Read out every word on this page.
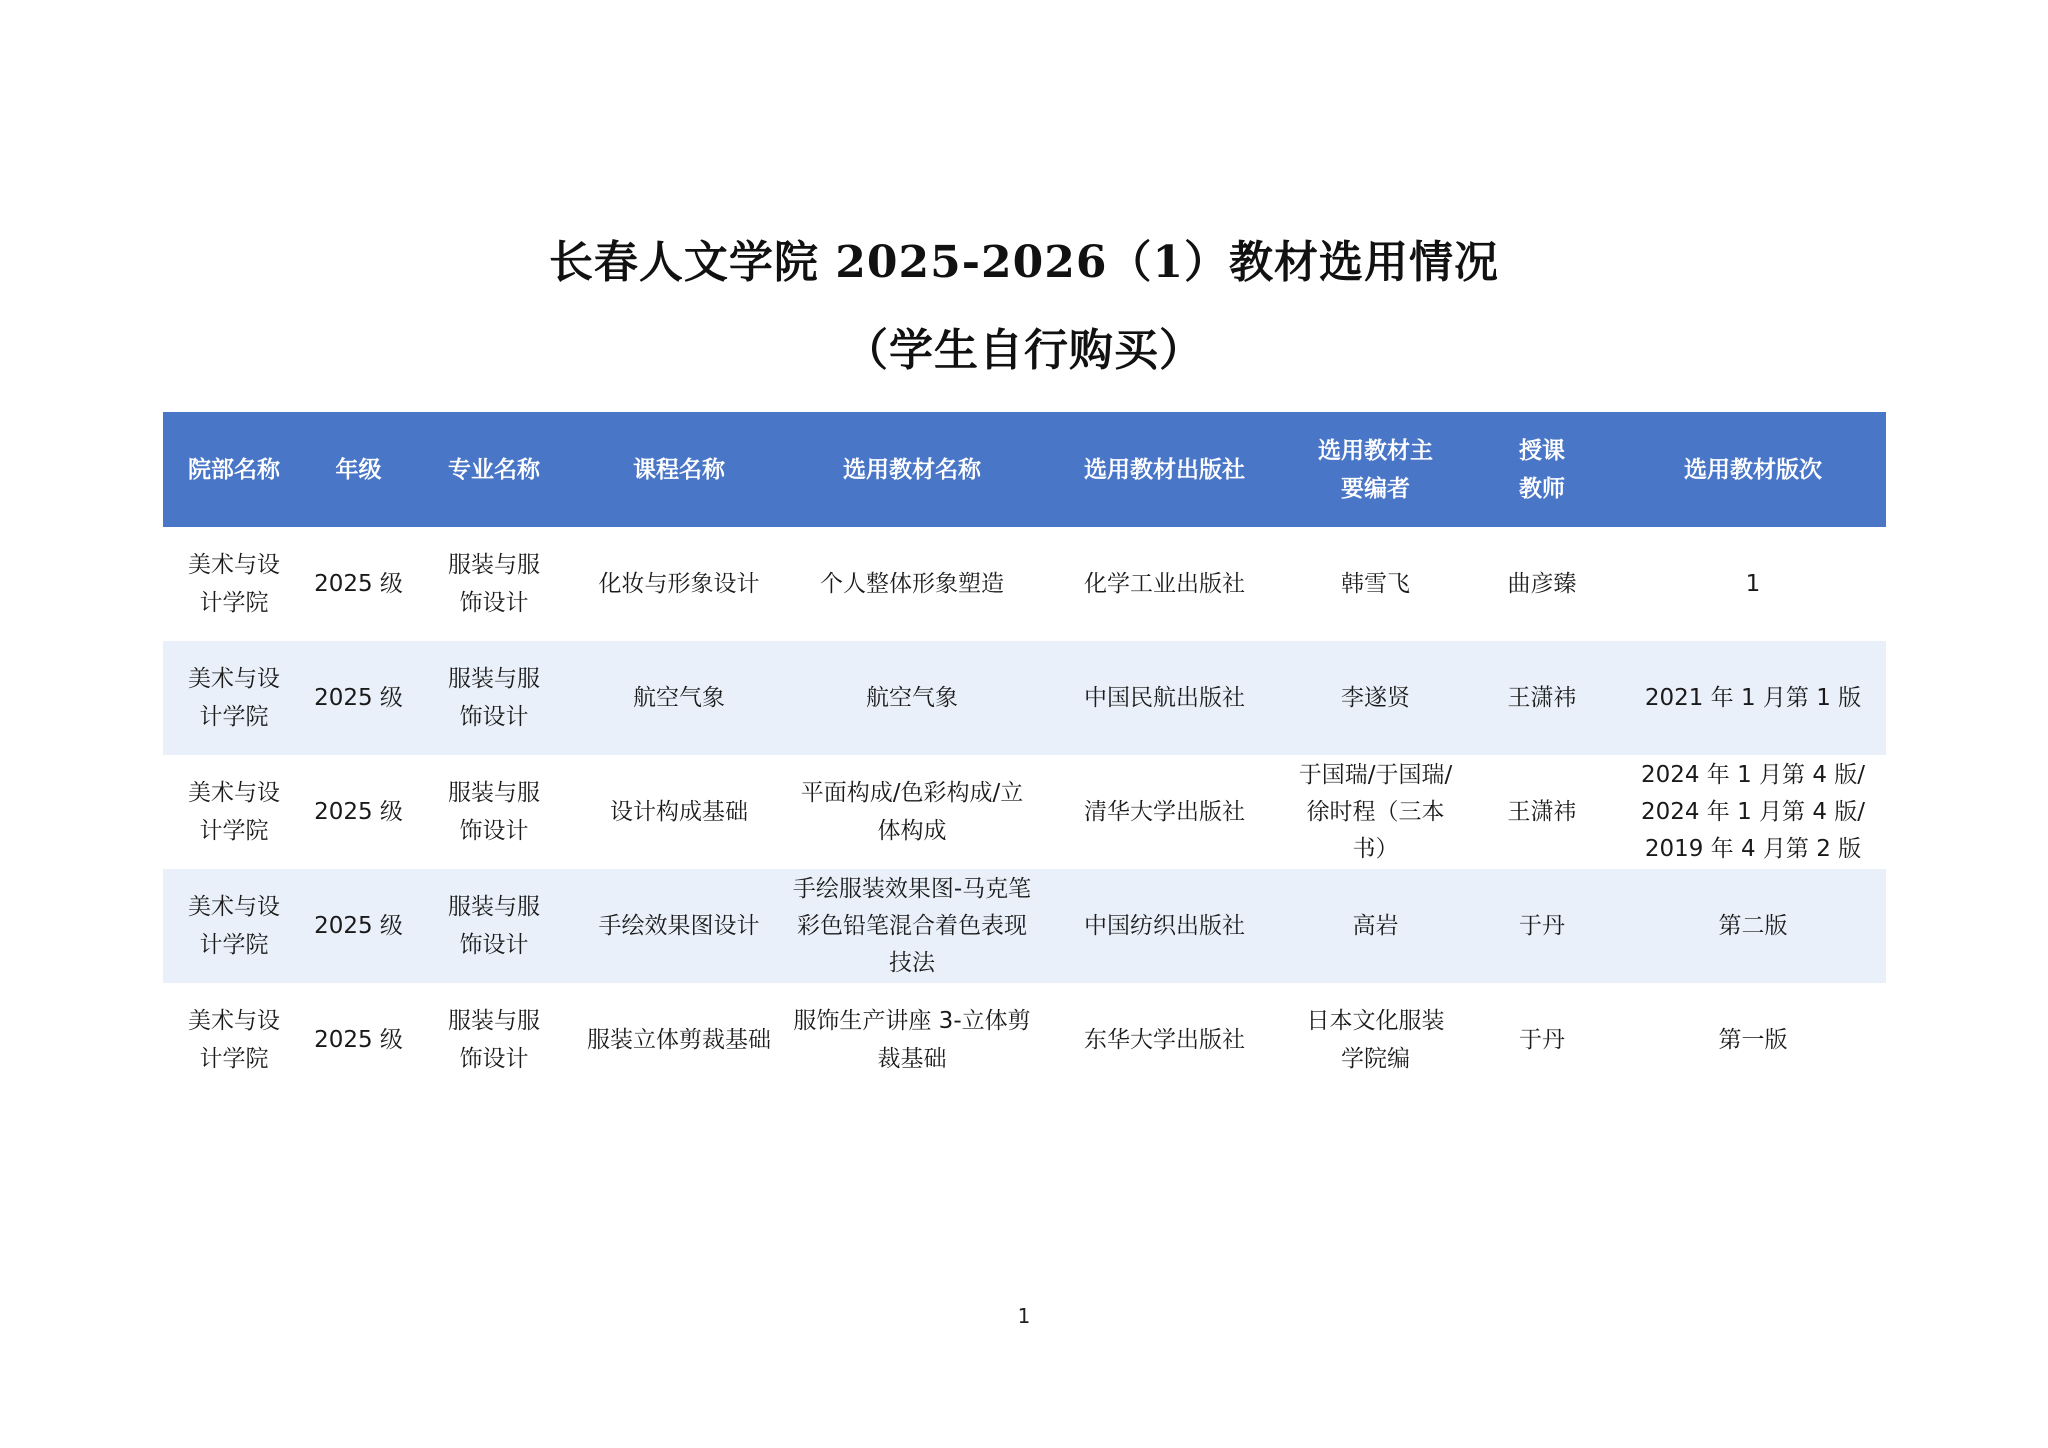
长春人文学院 2025-2026（1）教材选用情况
（学生自行购买）
院部名称	年级	专业名称	课程名称	选用教材名称	选用教材出版社	选用教材主要编者	授课教师	选用教材版次
美术与设计学院	2025 级	服装与服饰设计	化妆与形象设计	个人整体形象塑造	化学工业出版社	韩雪飞	曲彦臻	1
美术与设计学院	2025 级	服装与服饰设计	航空气象	航空气象	中国民航出版社	李遂贤	王潇祎	2021 年 1 月第 1 版
美术与设计学院	2025 级	服装与服饰设计	设计构成基础	平面构成/色彩构成/立体构成	清华大学出版社	于国瑞/于国瑞/徐时程（三本书）	王潇祎	2024 年 1 月第 4 版/2024 年 1 月第 4 版/2019 年 4 月第 2 版
美术与设计学院	2025 级	服装与服饰设计	手绘效果图设计	手绘服装效果图-马克笔彩色铅笔混合着色表现技法	中国纺织出版社	高岩	于丹	第二版
美术与设计学院	2025 级	服装与服饰设计	服装立体剪裁基础	服饰生产讲座 3-立体剪裁基础	东华大学出版社	日本文化服装学院编	于丹	第一版
1
